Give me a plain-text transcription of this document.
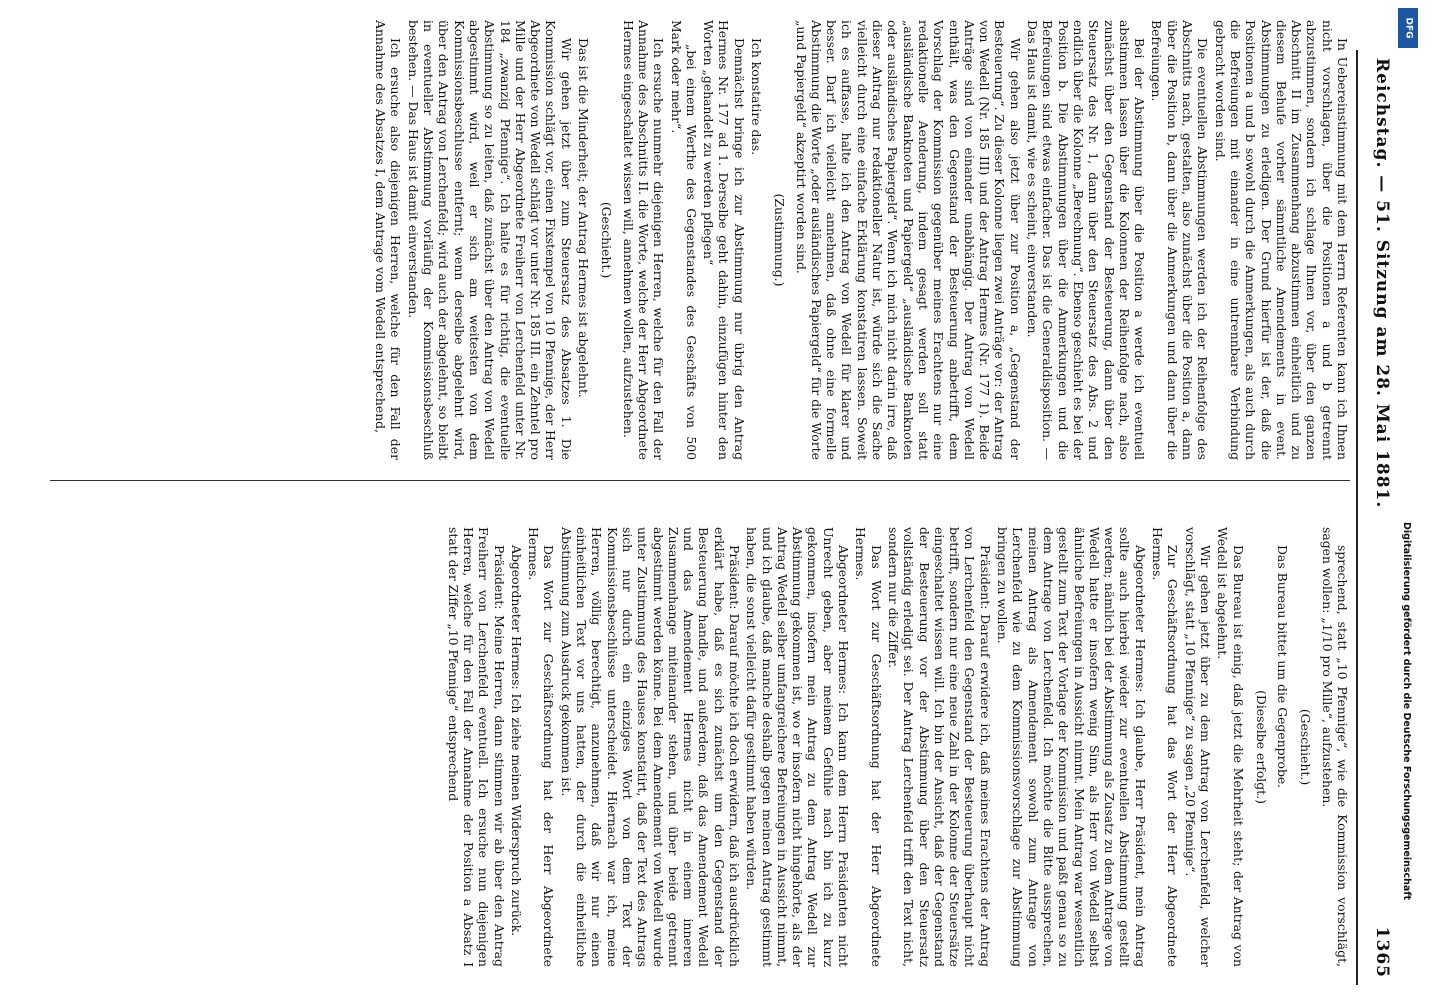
Reichstag. — 51. Sitzung am 28. Mai 1881.
1365

In Uebereinstimmung mit dem Herrn Referenten kann ich Ihnen nicht vorschlagen, über die Positionen a und b getrennt abzustimmen, sondern ich schlage Ihnen vor, über den ganzen Abschnitt II im Zusammenhang abzustimmen einheitlich und zu diesem Behufe vorher sämmtliche Amendements in event. Abstimmungen zu erledigen. Der Grund hierfür ist der, daß die Positionen a und b sowohl durch die Anmerkungen, als auch durch die Befreiungen mit einander in eine untrennbare Verbindung gebracht worden sind.

Die eventuellen Abstimmungen werden ich der Reihenfolge des Abschnitts nach, gestalten, also zunächst über die Position a, dann über die Position b, dann über die Anmerkungen und dann über die Befreiungen.

Bei der Abstimmung über die Position a werde ich eventuell abstimmen lassen über die Kolonnen der Reihenfolge nach, also zunächst über den Gegenstand der Besteuerung, dann über den Steuersatz des Nr. 1, dann über den Steuersatz des Abs. 2 und endlich über die Kolonne „Berechnung“. Ebenso geschieht es bei der Position b. Die Abstimmungen über die Anmerkungen und die Befreiungen sind etwas einfacher. Das ist die Generaldisposition. — Das Haus ist damit, wie es scheint, einverstanden.

Wir gehen also jetzt über zur Position a, „Gegenstand der Besteuerung“. Zu dieser Kolonne liegen zwei Anträge vor: der Antrag von Wedell (Nr. 185 III) und der Antrag Hermes (Nr. 177 1). Beide Anträge sind von einander unabhängig. Der Antrag von Wedell enthält, was den Gegenstand der Besteuerung anbetrifft, dem Vorschlag der Kommission gegenüber meines Erachtens nur eine redaktionelle Aenderung, indem gesagt werden soll statt „ausländische Banknoten und Papiergeld“ „ausländische Banknoten oder ausländisches Papiergeld“. Wenn ich mich nicht darin irre, daß dieser Antrag nur redaktioneller Natur ist, würde sich die Sache vielleicht durch eine einfache Erklärung konstatiren lassen. Soweit ich es auffasse, halte ich den Antrag von Wedell für klarer und besser. Darf ich vielleicht annehmen, daß ohne eine formelle Abstimmung die Worte „oder ausländisches Papiergeld“ für die Worte „und Papiergeld“ akzeptirt worden sind.

(Zustimmung.)

Ich konstatire das.

Demnächst bringe ich zur Abstimmung nur übrig den Antrag Hermes Nr. 177 ad 1. Derselbe geht dahin, einzufügen hinter den Worten „gehandelt zu werden pflegen“

„bei einem Werthe des Gegenstandes des Geschäfts von 500 Mark oder mehr“.

Ich ersuche nunmehr diejenigen Herren, welche für den Fall der Annahme des Abschnitts II. die Worte, welche der Herr Abgeordnete Hermes eingeschaltet wissen will, annehmen wollen, aufzustehen.

(Geschieht.)

Das ist die Minderheit; der Antrag Hermes ist abgelehnt.

Wir gehen jetzt über zum Steuersatz des Absatzes 1. Die Kommission schlägt vor, einen Fixstempel von 10 Pfennige, der Herr Abgeordnete von Wedell schlägt vor unter Nr. 185 III. ein Zehntel pro Mille und der Herr Abgeordnete Freiherr von Lerchenfeld unter Nr. 184 „zwanzig Pfennige“. Ich halte es für richtig, die eventuelle Abstimmung so zu leiten, daß zunächst über den Antrag von Wedell abgestimmt wird, weil er sich am weitesten von dem Kommissionsbeschlusse entfernt; wenn derselbe abgelehnt wird, über den Antrag von Lerchenfeld; wird auch der abgelehnt, so bleibt in eventueller Abstimmung vorläufig der Kommissionsbeschluß bestehen. — Das Haus ist damit einverstanden.

Ich ersuche also diejenigen Herren, welche für den Fall der Annahme des Absatzes I, dem Antrage vom Wedell entsprechend,

sprechend, statt „10 Pfennige“, wie die Kommission vorschlägt, sagen wollen: „1/10 pro Mille“, aufzustehen.

(Geschieht.)

Das Bureau bittet um die Gegenprobe.

(Dieselbe erfolgt.)

Das Bureau ist einig, daß jetzt die Mehrheit steht; der Antrag von Wedell ist abgelehnt.

Wir gehen jetzt über zu dem Antrag von Lerchenfeld, welcher vorschlägt, statt „10 Pfennige“ zu sagen „20 Pfennige“.

Zur Geschäftsordnung hat das Wort der Herr Abgeordnete Hermes.

Abgeordneter Hermes: Ich glaube, Herr Präsident, mein Antrag sollte auch hierbei wieder zur eventuellen Abstimmung gestellt werden; nämlich bei der Abstimmung als Zusatz zu dem Antrage von Wedell hatte er insofern wenig Sinn, als Herr von Wedell selbst ähnliche Befreiungen in Aussicht nimmt. Mein Antrag war wesentlich gestellt zum Text der Vorlage der Kommission und paßt genau so zu dem Antrage von Lerchenfeld. Ich möchte die Bitte aussprechen, meinen Antrag als Amendement sowohl zum Antrage von Lerchenfeld wie zu dem Kommissionsvorschlage zur Abstimmung bringen zu wollen.

Präsident: Darauf erwidere ich, daß meines Erachtens der Antrag von Lerchenfeld den Gegenstand der Besteuerung überhaupt nicht betrifft, sondern nur eine neue Zahl in der Kolonne der Steuersätze eingeschaltet wissen will. Ich bin der Ansicht, daß der Gegenstand der Besteuerung vor der Abstimmung über den Steuersatz vollständig erledigt sei. Der Antrag Lerchenfeld trifft den Text nicht, sondern nur die Ziffer.

Das Wort zur Geschäftsordnung hat der Herr Abgeordnete Hermes.

Abgeordneter Hermes: Ich kann dem Herrn Präsidenten nicht Unrecht geben, aber meinem Gefühle nach bin ich zu kurz gekommen, insofern mein Antrag zu dem Antrag Wedell zur Abstimmung gekommen ist, wo er insofern nicht hingehörte, als der Antrag Wedell selber umfangreichere Befreiungen in Aussicht nimmt, und ich glaube, daß manche deshalb gegen meinen Antrag gestimmt haben, die sonst vielleicht dafür gestimmt haben würden.

Präsident: Darauf möchte ich doch erwidern, daß ich ausdrücklich erklärt habe, daß es sich zunächst um den Gegenstand der Besteuerung handle, und außerdem, daß das Amendement Wedell und das Amendement Hermes nicht in einem inneren Zusammenhange miteinander stehen, und über beide getrennt abgestimmt werden könne. Bei dem Amendement von Wedell wurde unter Zustimmung des Hauses konstatirt, daß der Text des Antrags sich nur durch ein einziges Wort von dem Text der Kommissionsbeschlüsse unterscheidet. Hiernach war ich, meine Herren, völlig berechtigt, anzunehmen, daß wir nur einen einheitlichen Text vor uns hatten, der durch die einheitliche Abstimmung zum Ausdruck gekommen ist.

Das Wort zur Geschäftsordnung hat der Herr Abgeordnete Hermes.

Abgeordneter Hermes: Ich ziehe meinen Widerspruch zurück.

Präsident: Meine Herren, dann stimmen wir ab über den Antrag Freiherr von Lerchenfeld eventuell. Ich ersuche nun diejenigen Herren, welche für den Fall der Annahme der Position a Absatz I statt der Ziffer „10 Pfennige“ entsprechend

DFG
Digitalisierung gefördert durch die Deutsche Forschungsgemeinschaft
